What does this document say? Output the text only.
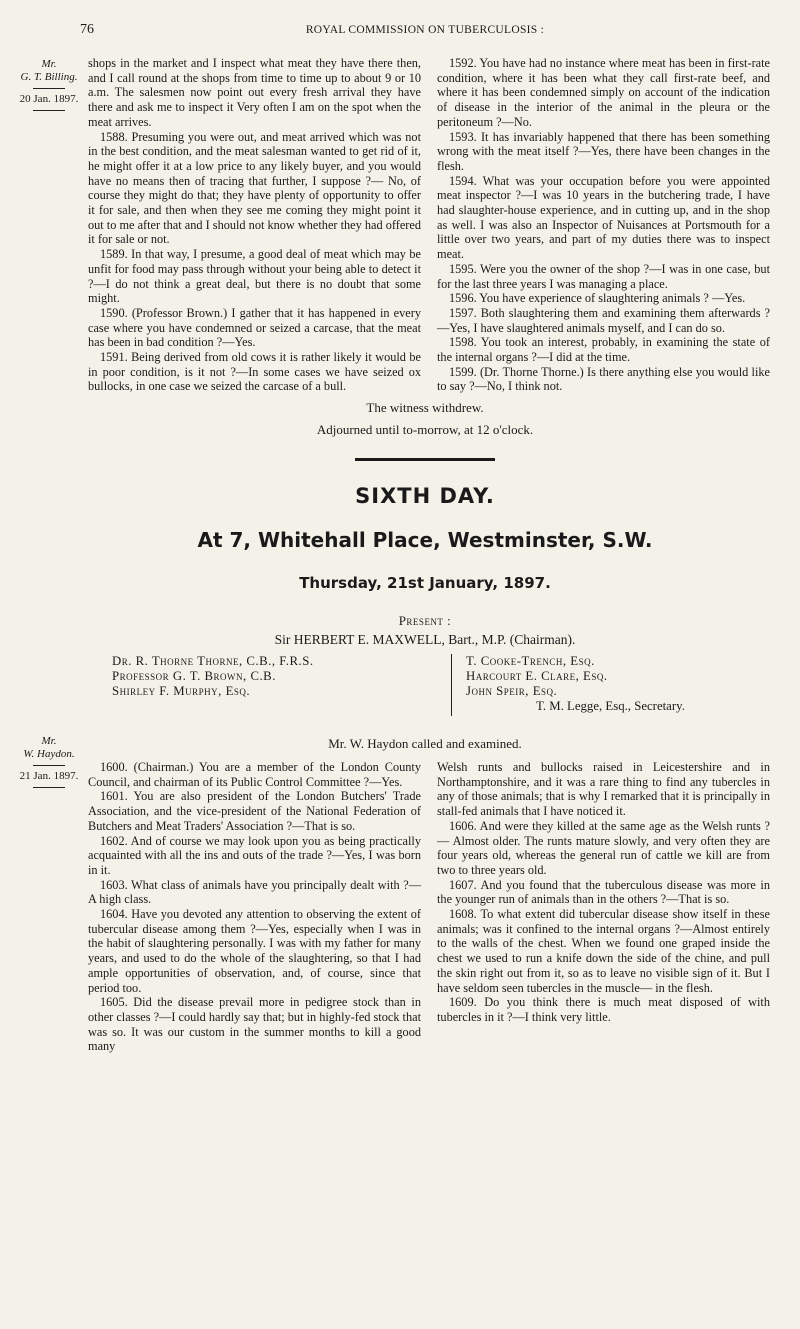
76	ROYAL COMMISSION ON TUBERCULOSIS :
Mr.
G. T. Billing.
20 Jan. 1897.

shops in the market and I inspect what meat they have there then, and I call round at the shops from time to time up to about 9 or 10 a.m. The salesmen now point out every fresh arrival they have there and ask me to inspect it Very often I am on the spot when the meat arrives.

1588. Presuming you were out, and meat arrived which was not in the best condition, and the meat salesman wanted to get rid of it, he might offer it at a low price to any likely buyer, and you would have no means then of tracing that further, I suppose ?— No, of course they might do that; they have plenty of opportunity to offer it for sale, and then when they see me coming they might point it out to me after that and I should not know whether they had offered it for sale or not.

1589. In that way, I presume, a good deal of meat which may be unfit for food may pass through without your being able to detect it ?—I do not think a great deal, but there is no doubt that some might.

1590. (Professor Brown.) I gather that it has happened in every case where you have condemned or seized a carcase, that the meat has been in bad condition ?—Yes.

1591. Being derived from old cows it is rather likely it would be in poor condition, is it not ?—In some cases we have seized ox bullocks, in one case we seized the carcase of a bull.

1592. You have had no instance where meat has been in first-rate condition, where it has been what they call first-rate beef, and where it has been condemned simply on account of the indication of disease in the interior of the animal in the pleura or the peritoneum ?—No.

1593. It has invariably happened that there has been something wrong with the meat itself ?—Yes, there have been changes in the flesh.

1594. What was your occupation before you were appointed meat inspector ?—I was 10 years in the butchering trade, I have had slaughter-house experience, and in cutting up, and in the shop as well. I was also an Inspector of Nuisances at Portsmouth for a little over two years, and part of my duties there was to inspect meat.

1595. Were you the owner of the shop ?—I was in one case, but for the last three years I was managing a place.

1596. You have experience of slaughtering animals ? —Yes.

1597. Both slaughtering them and examining them afterwards ?—Yes, I have slaughtered animals myself, and I can do so.

1598. You took an interest, probably, in examining the state of the internal organs ?—I did at the time.

1599. (Dr. Thorne Thorne.) Is there anything else you would like to say ?—No, I think not.

The witness withdrew.
Adjourned until to-morrow, at 12 o'clock.
SIXTH DAY.
At 7, Whitehall Place, Westminster, S.W.
Thursday, 21st January, 1897.
Present :
Sir HERBERT E. MAXWELL, Bart., M.P. (Chairman).
Dr. R. Thorne Thorne, C.B., F.R.S.
Professor G. T. Brown, C.B.
Shirley F. Murphy, Esq.
T. Cooke-Trench, Esq.
Harcourt E. Clare, Esq.
John Speir, Esq.
T. M. Legge, Esq., Secretary.
Mr.
W. Haydon.
21 Jan. 1897.
Mr. W. Haydon called and examined.

1600. (Chairman.) You are a member of the London County Council, and chairman of its Public Control Committee ?—Yes.

1601. You are also president of the London Butchers' Trade Association, and the vice-president of the National Federation of Butchers and Meat Traders' Association ?—That is so.

1602. And of course we may look upon you as being practically acquainted with all the ins and outs of the trade ?—Yes, I was born in it.

1603. What class of animals have you principally dealt with ?—A high class.

1604. Have you devoted any attention to observing the extent of tubercular disease among them ?—Yes, especially when I was in the habit of slaughtering personally. I was with my father for many years, and used to do the whole of the slaughtering, so that I had ample opportunities of observation, and, of course, since that period too.

1605. Did the disease prevail more in pedigree stock than in other classes ?—I could hardly say that; but in highly-fed stock that was so. It was our custom in the summer months to kill a good many

Welsh runts and bullocks raised in Leicestershire and in Northamptonshire, and it was a rare thing to find any tubercles in any of those animals; that is why I remarked that it is principally in stall-fed animals that I have noticed it.

1606. And were they killed at the same age as the Welsh runts ? — Almost older. The runts mature slowly, and very often they are four years old, whereas the general run of cattle we kill are from two to three years old.

1607. And you found that the tuberculous disease was more in the younger run of animals than in the others ?—That is so.

1608. To what extent did tubercular disease show itself in these animals; was it confined to the internal organs ?—Almost entirely to the walls of the chest. When we found one graped inside the chest we used to run a knife down the side of the chine, and pull the skin right out from it, so as to leave no visible sign of it. But I have seldom seen tubercles in the muscle— in the flesh.

1609. Do you think there is much meat disposed of with tubercles in it ?—I think very little.
